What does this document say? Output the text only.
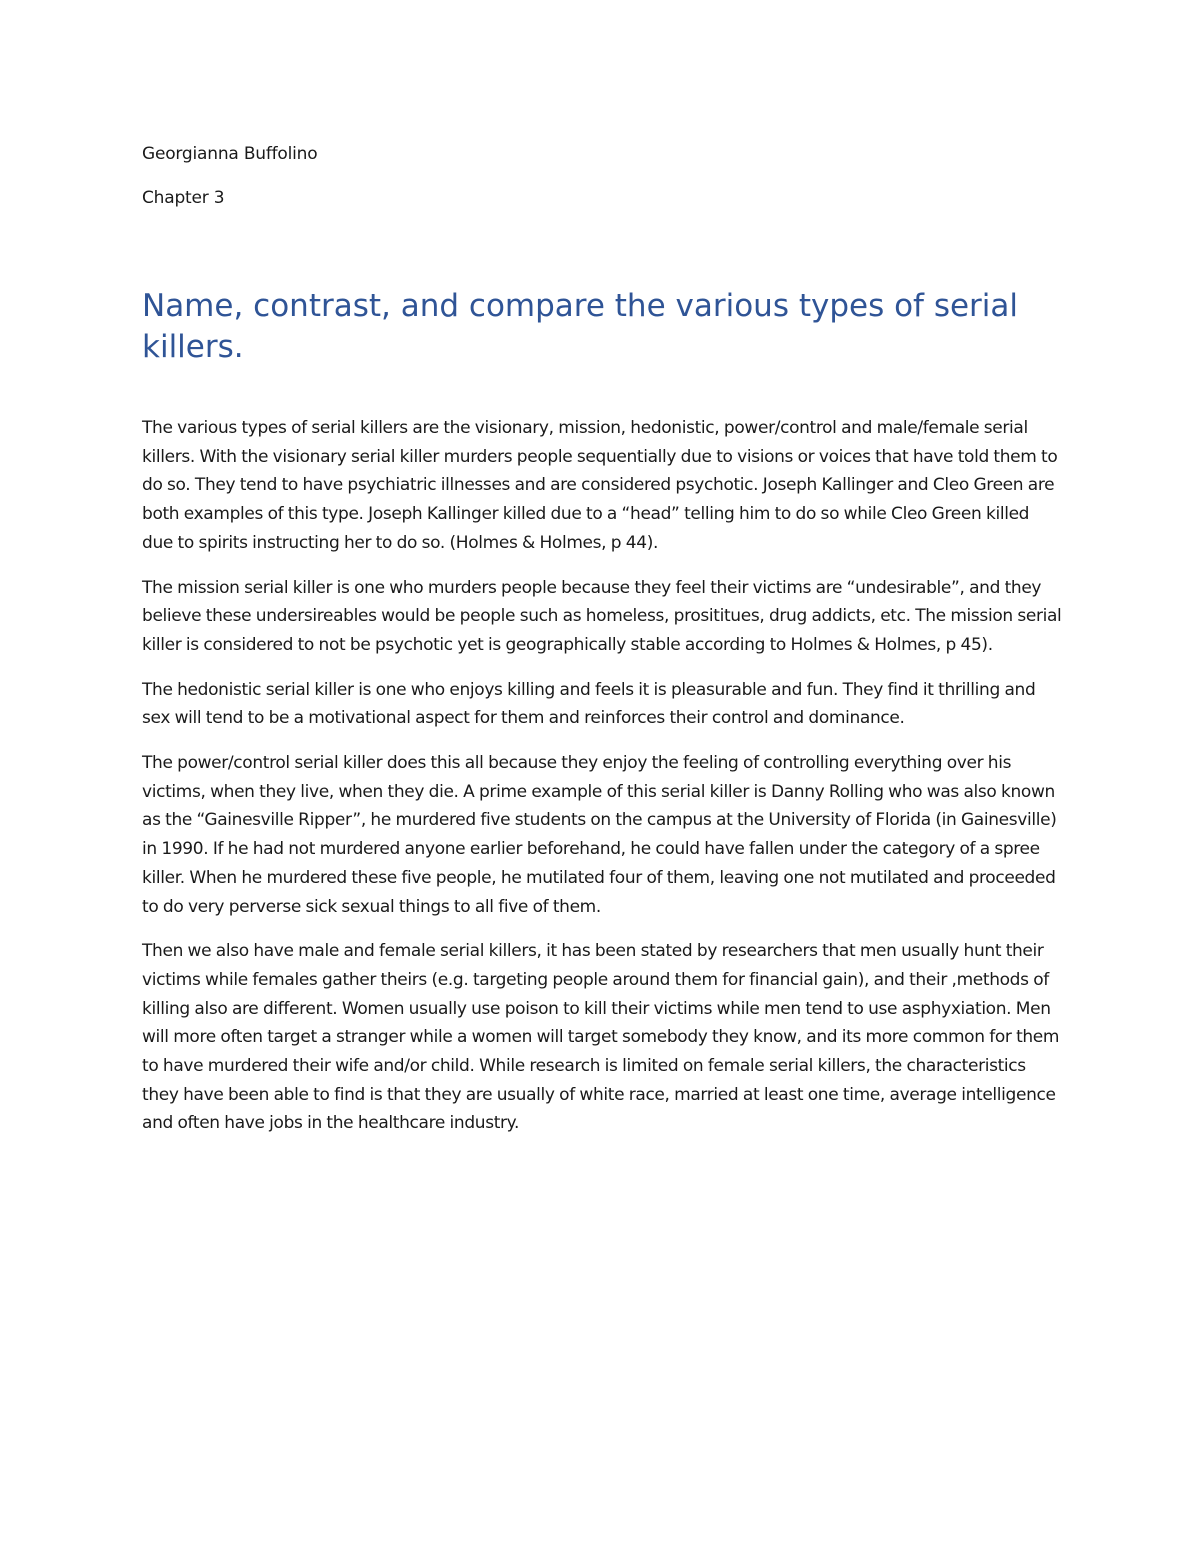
Georgianna Buffolino

Chapter 3

Name, contrast, and compare the various types of serial killers.

The various types of serial killers are the visionary, mission, hedonistic, power/control and male/female serial killers. With the visionary serial killer murders people sequentially due to visions or voices that have told them to do so. They tend to have psychiatric illnesses and are considered psychotic. Joseph Kallinger and Cleo Green are both examples of this type. Joseph Kallinger killed due to a “head” telling him to do so while Cleo Green killed due to spirits instructing her to do so. (Holmes & Holmes, p 44).

The mission serial killer is one who murders people because they feel their victims are “undesirable”, and they believe these undersireables would be people such as homeless, prosititues, drug addicts, etc. The mission serial killer is considered to not be psychotic yet is geographically stable according to Holmes & Holmes, p 45).

The hedonistic serial killer is one who enjoys killing and feels it is pleasurable and fun. They find it thrilling and sex will tend to be a motivational aspect for them and reinforces their control and dominance.

The power/control serial killer does this all because they enjoy the feeling of controlling everything over his victims, when they live, when they die. A prime example of this serial killer is Danny Rolling who was also known as the “Gainesville Ripper”, he murdered five students on the campus at the University of Florida (in Gainesville) in 1990. If he had not murdered anyone earlier beforehand, he could have fallen under the category of a spree killer. When he murdered these five people, he mutilated four of them, leaving one not mutilated and proceeded to do very perverse sick sexual things to all five of them.

Then we also have male and female serial killers, it has been stated by researchers that men usually hunt their victims while females gather theirs (e.g. targeting people around them for financial gain), and their ,methods of killing also are different. Women usually use poison to kill their victims while men tend to use asphyxiation. Men will more often target a stranger while a women will target somebody they know, and its more common for them to have murdered their wife and/or child. While research is limited on female serial killers, the characteristics they have been able to find is that they are usually of white race, married at least one time, average intelligence and often have jobs in the healthcare industry.
